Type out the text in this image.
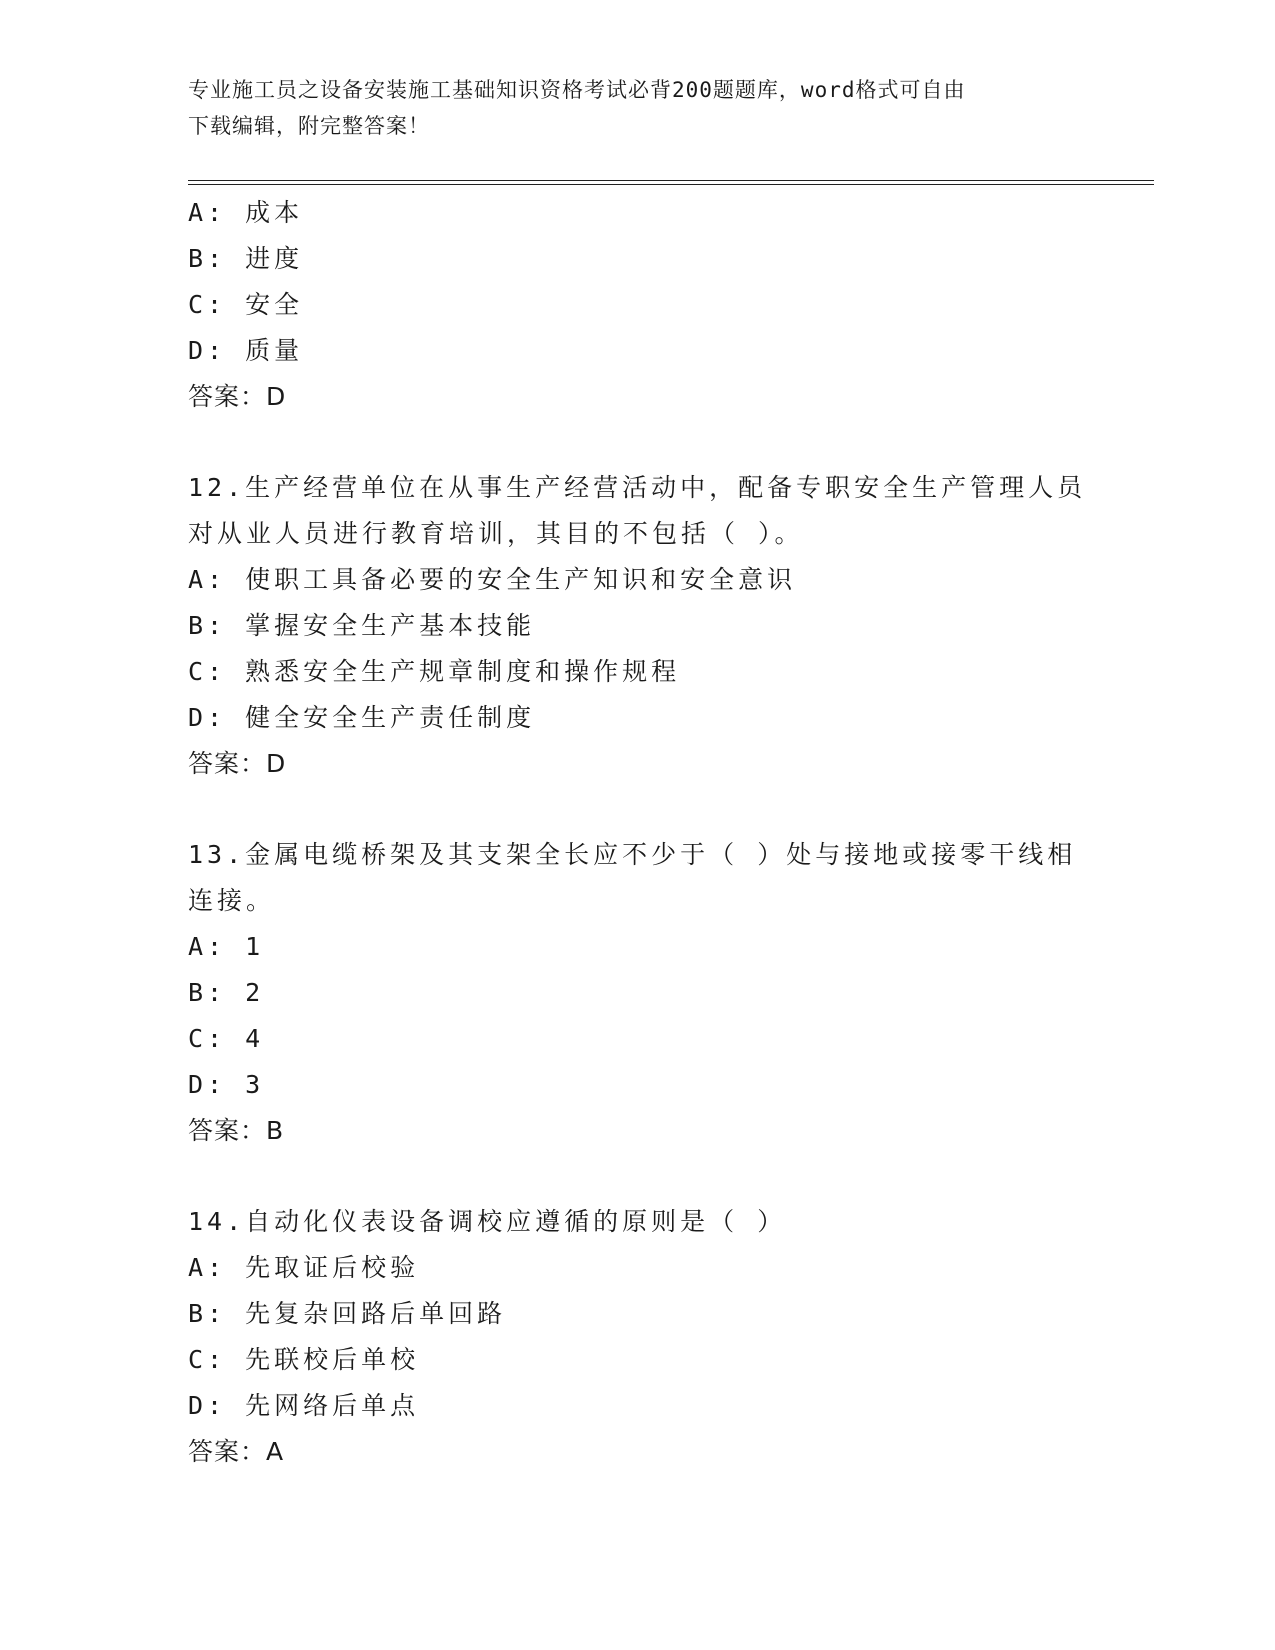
专业施工员之设备安装施工基础知识资格考试必背200题题库，word格式可自由
下载编辑，附完整答案！
A: 成本
B: 进度
C: 安全
D: 质量
答案：D
12.生产经营单位在从事生产经营活动中，配备专职安全生产管理人员
对从业人员进行教育培训，其目的不包括（ ）。
A: 使职工具备必要的安全生产知识和安全意识
B: 掌握安全生产基本技能
C: 熟悉安全生产规章制度和操作规程
D: 健全安全生产责任制度
答案：D
13.金属电缆桥架及其支架全长应不少于（ ）处与接地或接零干线相
连接。
A: 1
B: 2
C: 4
D: 3
答案：B
14.自动化仪表设备调校应遵循的原则是（ ）
A: 先取证后校验
B: 先复杂回路后单回路
C: 先联校后单校
D: 先网络后单点
答案：A
